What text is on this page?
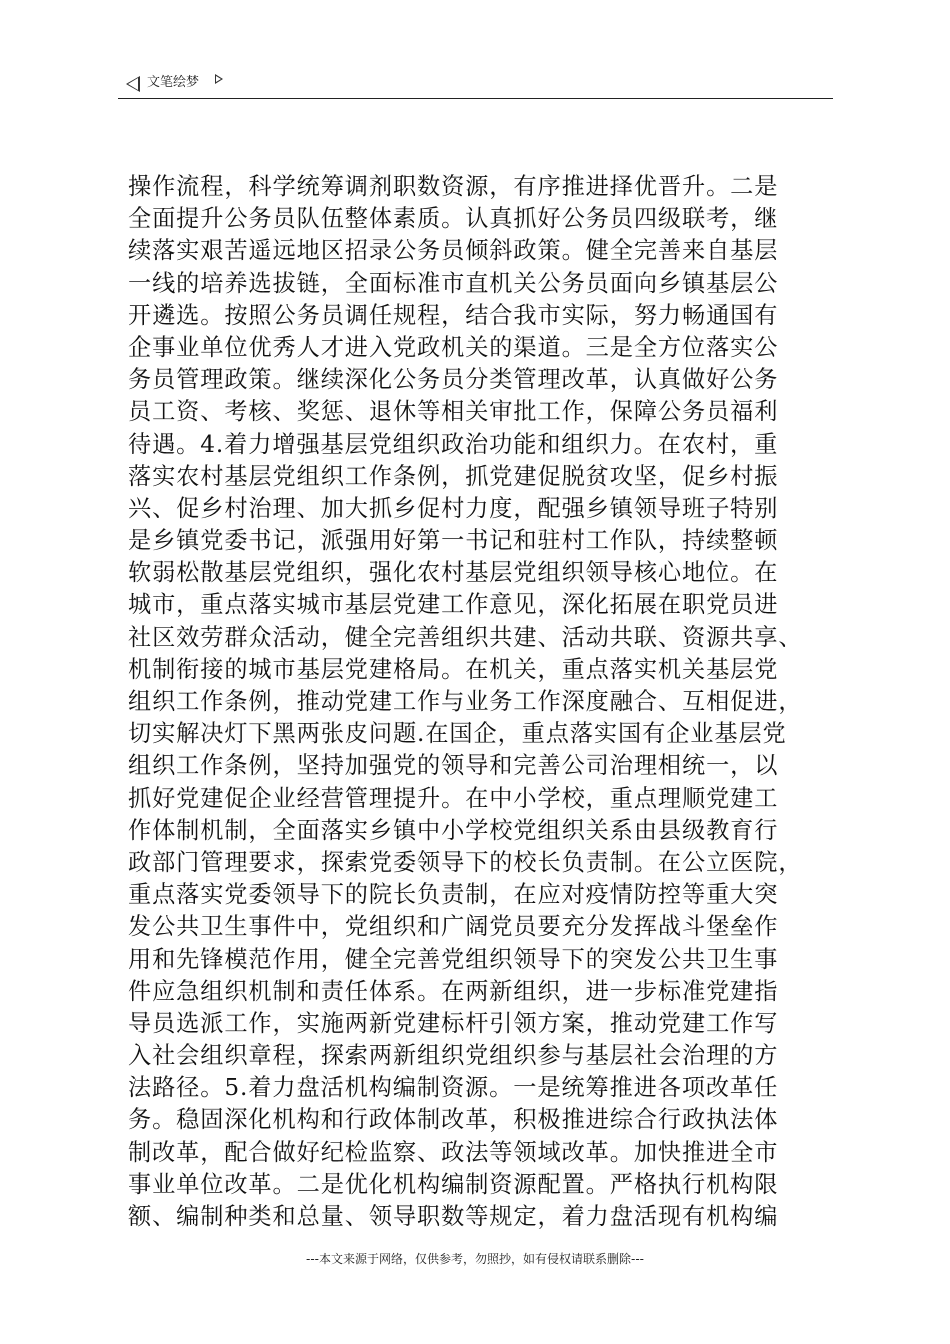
文笔绘梦
操作流程，科学统筹调剂职数资源，有序推进择优晋升。二是
全面提升公务员队伍整体素质。认真抓好公务员四级联考，继
续落实艰苦遥远地区招录公务员倾斜政策。健全完善来自基层
一线的培养选拔链，全面标准市直机关公务员面向乡镇基层公
开遴选。按照公务员调任规程，结合我市实际，努力畅通国有
企事业单位优秀人才进入党政机关的渠道。三是全方位落实公
务员管理政策。继续深化公务员分类管理改革，认真做好公务
员工资、考核、奖惩、退休等相关审批工作，保障公务员福利
待遇。4.着力增强基层党组织政治功能和组织力。在农村，重
落实农村基层党组织工作条例，抓党建促脱贫攻坚，促乡村振
兴、促乡村治理、加大抓乡促村力度，配强乡镇领导班子特别
是乡镇党委书记，派强用好第一书记和驻村工作队，持续整顿
软弱松散基层党组织，强化农村基层党组织领导核心地位。在
城市，重点落实城市基层党建工作意见，深化拓展在职党员进
社区效劳群众活动，健全完善组织共建、活动共联、资源共享、
机制衔接的城市基层党建格局。在机关，重点落实机关基层党
组织工作条例，推动党建工作与业务工作深度融合、互相促进，
切实解决灯下黑两张皮问题.在国企，重点落实国有企业基层党
组织工作条例，坚持加强党的领导和完善公司治理相统一，以
抓好党建促企业经营管理提升。在中小学校，重点理顺党建工
作体制机制，全面落实乡镇中小学校党组织关系由县级教育行
政部门管理要求，探索党委领导下的校长负责制。在公立医院，
重点落实党委领导下的院长负责制，在应对疫情防控等重大突
发公共卫生事件中，党组织和广阔党员要充分发挥战斗堡垒作
用和先锋模范作用，健全完善党组织领导下的突发公共卫生事
件应急组织机制和责任体系。在两新组织，进一步标准党建指
导员选派工作，实施两新党建标杆引领方案，推动党建工作写
入社会组织章程，探索两新组织党组织参与基层社会治理的方
法路径。5.着力盘活机构编制资源。一是统筹推进各项改革任
务。稳固深化机构和行政体制改革，积极推进综合行政执法体
制改革，配合做好纪检监察、政法等领域改革。加快推进全市
事业单位改革。二是优化机构编制资源配置。严格执行机构限
额、编制种类和总量、领导职数等规定，着力盘活现有机构编
---本文来源于网络，仅供参考，勿照抄，如有侵权请联系删除---
